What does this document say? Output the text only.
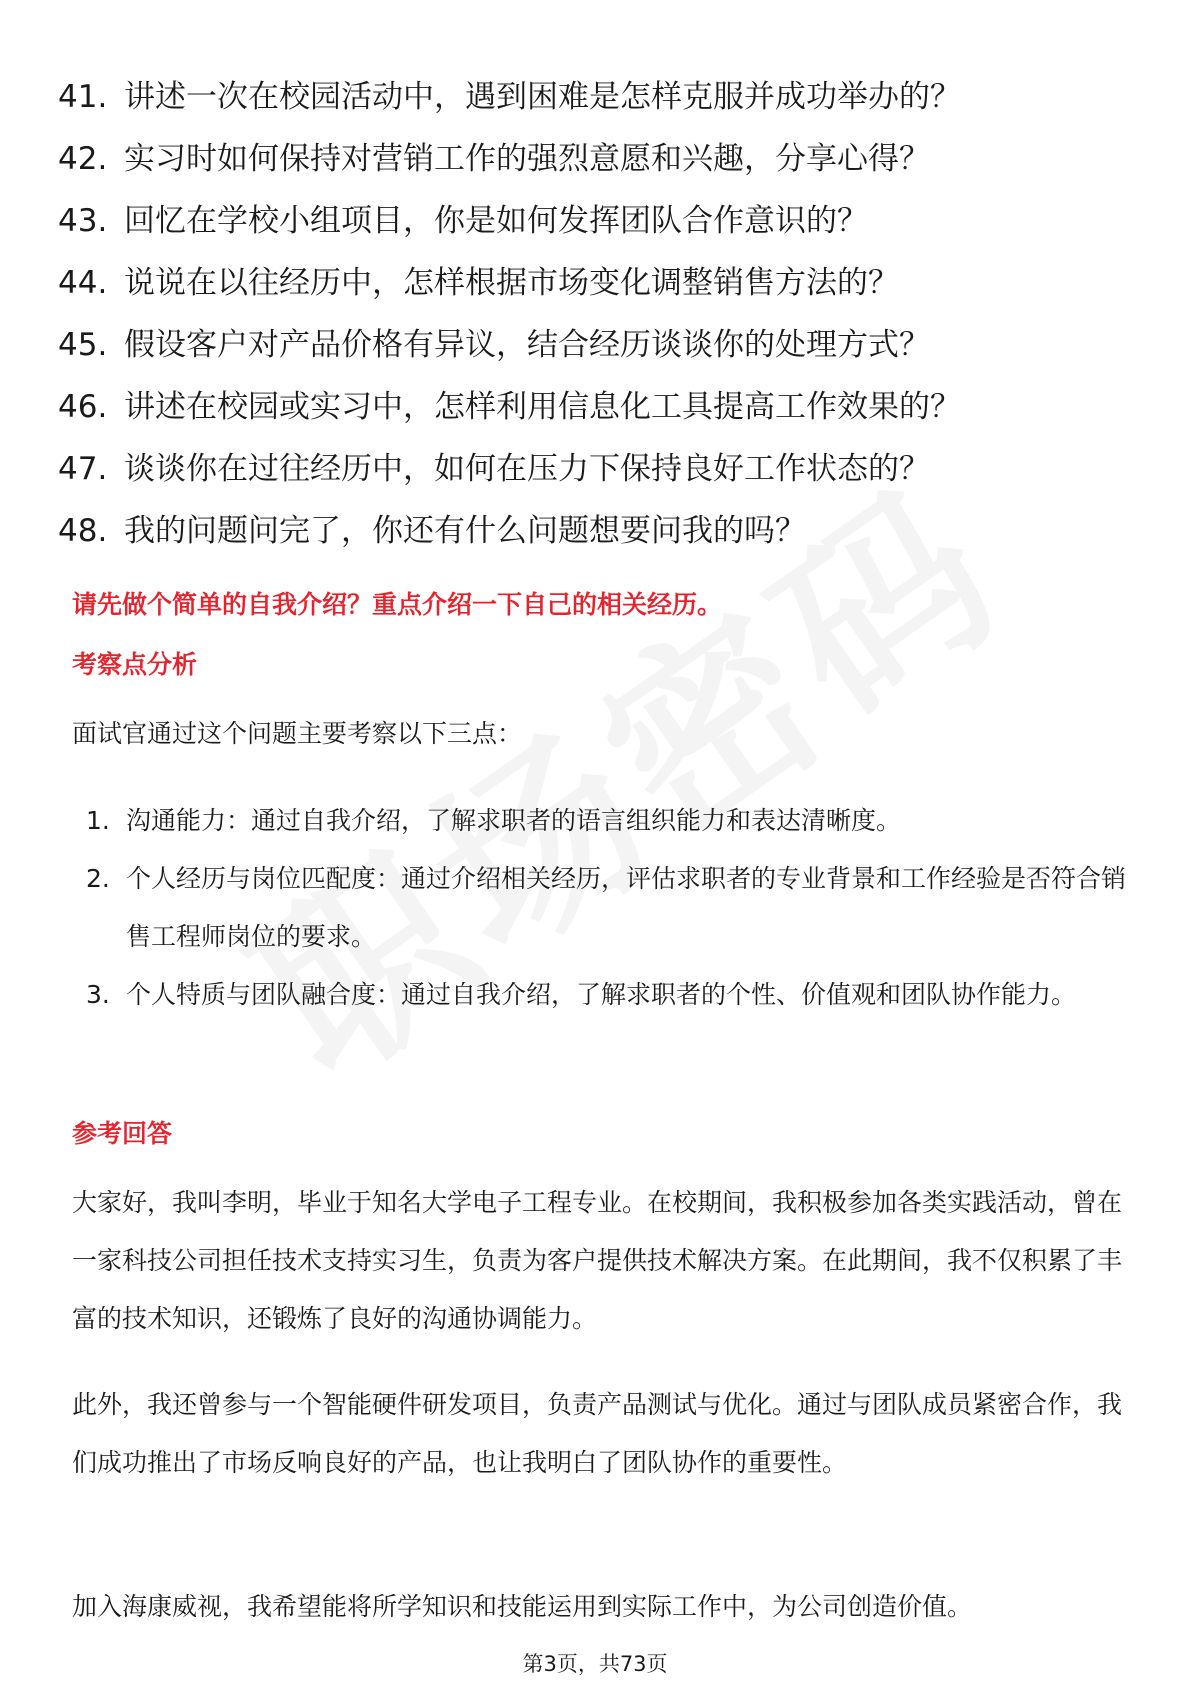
41. 讲述一次在校园活动中，遇到困难是怎样克服并成功举办的？
42. 实习时如何保持对营销工作的强烈意愿和兴趣，分享心得？
43. 回忆在学校小组项目，你是如何发挥团队合作意识的？
44. 说说在以往经历中，怎样根据市场变化调整销售方法的？
45. 假设客户对产品价格有异议，结合经历谈谈你的处理方式？
46. 讲述在校园或实习中，怎样利用信息化工具提高工作效果的？
47. 谈谈你在过往经历中，如何在压力下保持良好工作状态的？
48. 我的问题问完了，你还有什么问题想要问我的吗？
请先做个简单的自我介绍？重点介绍一下自己的相关经历。
考察点分析

面试官通过这个问题主要考察以下三点：

1. 沟通能力：通过自我介绍，了解求职者的语言组织能力和表达清晰度。
2. 个人经历与岗位匹配度：通过介绍相关经历，评估求职者的专业背景和工作经验是否符合销售工程师岗位的要求。
3. 个人特质与团队融合度：通过自我介绍，了解求职者的个性、价值观和团队协作能力。
参考回答

大家好，我叫李明，毕业于知名大学电子工程专业。在校期间，我积极参加各类实践活动，曾在一家科技公司担任技术支持实习生，负责为客户提供技术解决方案。在此期间，我不仅积累了丰富的技术知识，还锻炼了良好的沟通协调能力。

此外，我还曾参与一个智能硬件研发项目，负责产品测试与优化。通过与团队成员紧密合作，我们成功推出了市场反响良好的产品，也让我明白了团队协作的重要性。

加入海康威视，我希望能将所学知识和技能运用到实际工作中，为公司创造价值。

第3页，共73页
